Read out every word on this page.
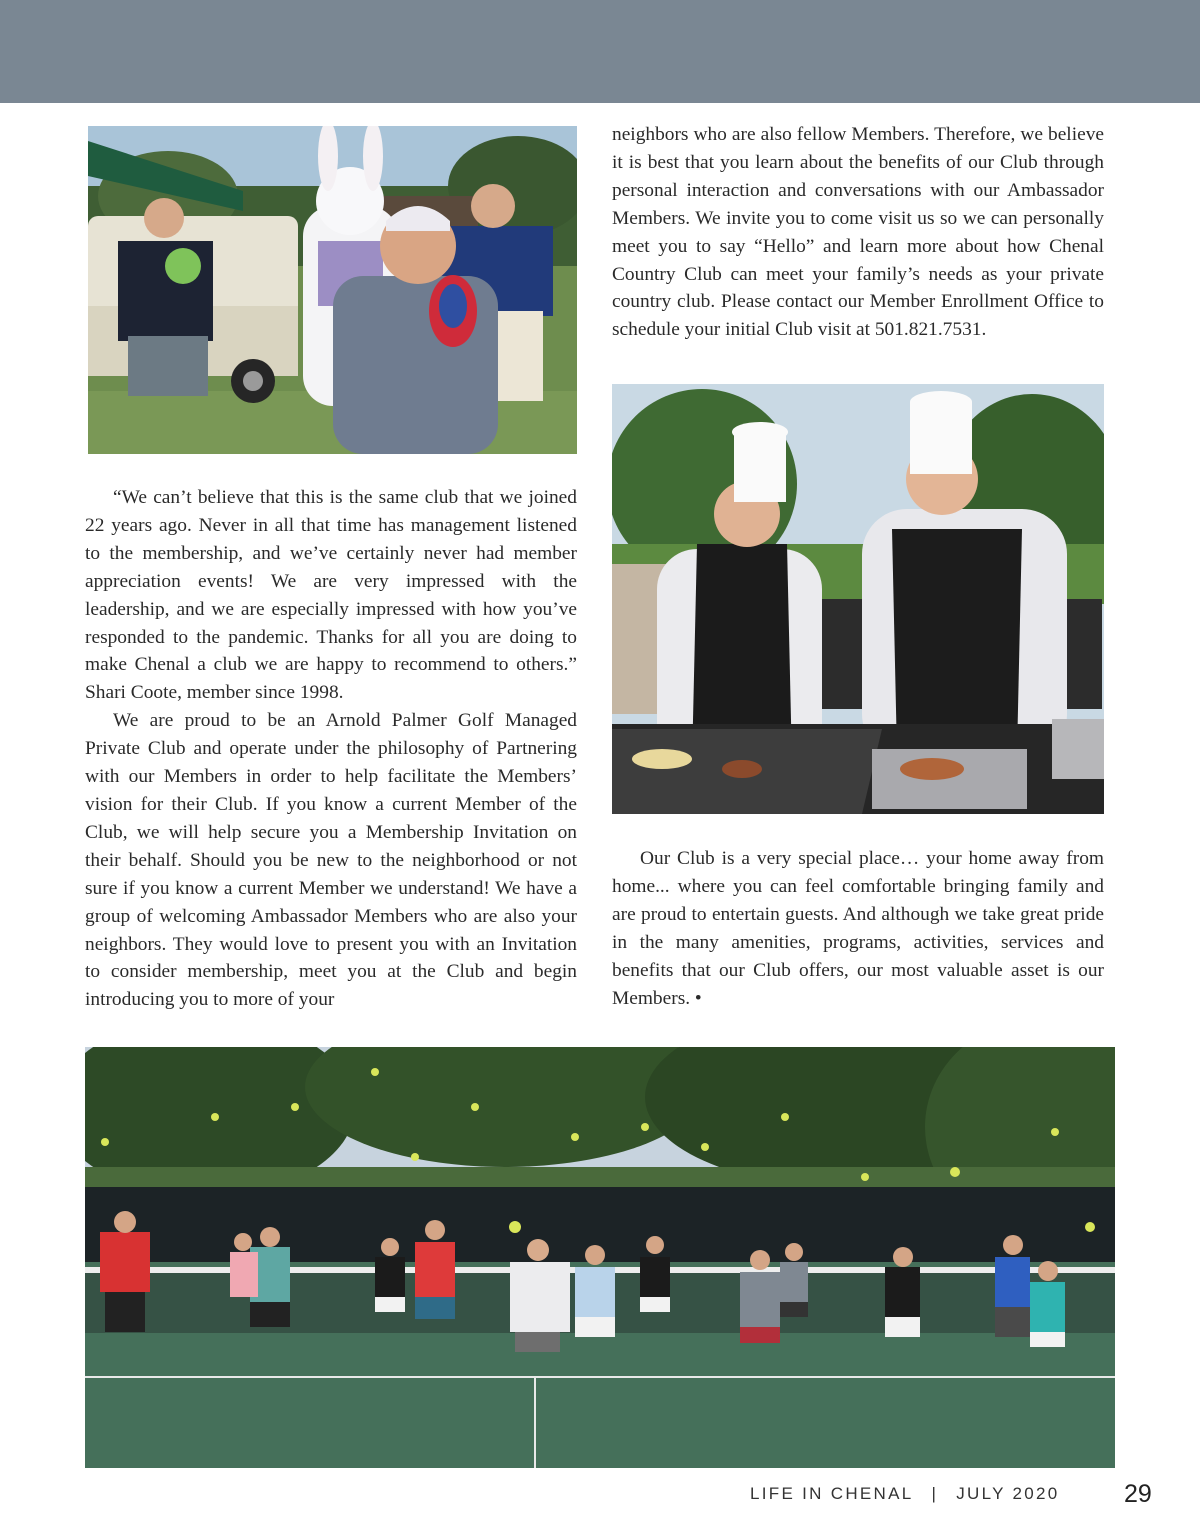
neighbors who are also fellow Members. Therefore, we believe it is best that you learn about the benefits of our Club through personal interaction and conversations with our Ambassador Members. We invite you to come visit us so we can personally meet you to say “Hello” and learn more about how Chenal Country Club can meet your family’s needs as your private country club. Please contact our Member Enrollment Office to schedule your initial Club visit at 501.821.7531.

“We can’t believe that this is the same club that we joined 22 years ago. Never in all that time has management listened to the membership, and we’ve certainly never had member appreciation events! We are very impressed with the leadership, and we are especially impressed with how you’ve responded to the pandemic. Thanks for all you are doing to make Chenal a club we are happy to recommend to others.” Shari Coote, member since 1998.

We are proud to be an Arnold Palmer Golf Managed Private Club and operate under the philosophy of Partnering with our Members in order to help facilitate the Members’ vision for their Club. If you know a current Member of the Club, we will help secure you a Membership Invitation on their behalf. Should you be new to the neighborhood or not sure if you know a current Member we understand! We have a group of welcoming Ambassador Members who are also your neighbors. They would love to present you with an Invitation to consider membership, meet you at the Club and begin introducing you to more of your

Our Club is a very special place… your home away from home... where you can feel comfortable bringing family and are proud to entertain guests. And although we take great pride in the many amenities, programs, activities, services and benefits that our Club offers, our most valuable asset is our Members. •

LIFE IN CHENAL | JULY 2020	29
